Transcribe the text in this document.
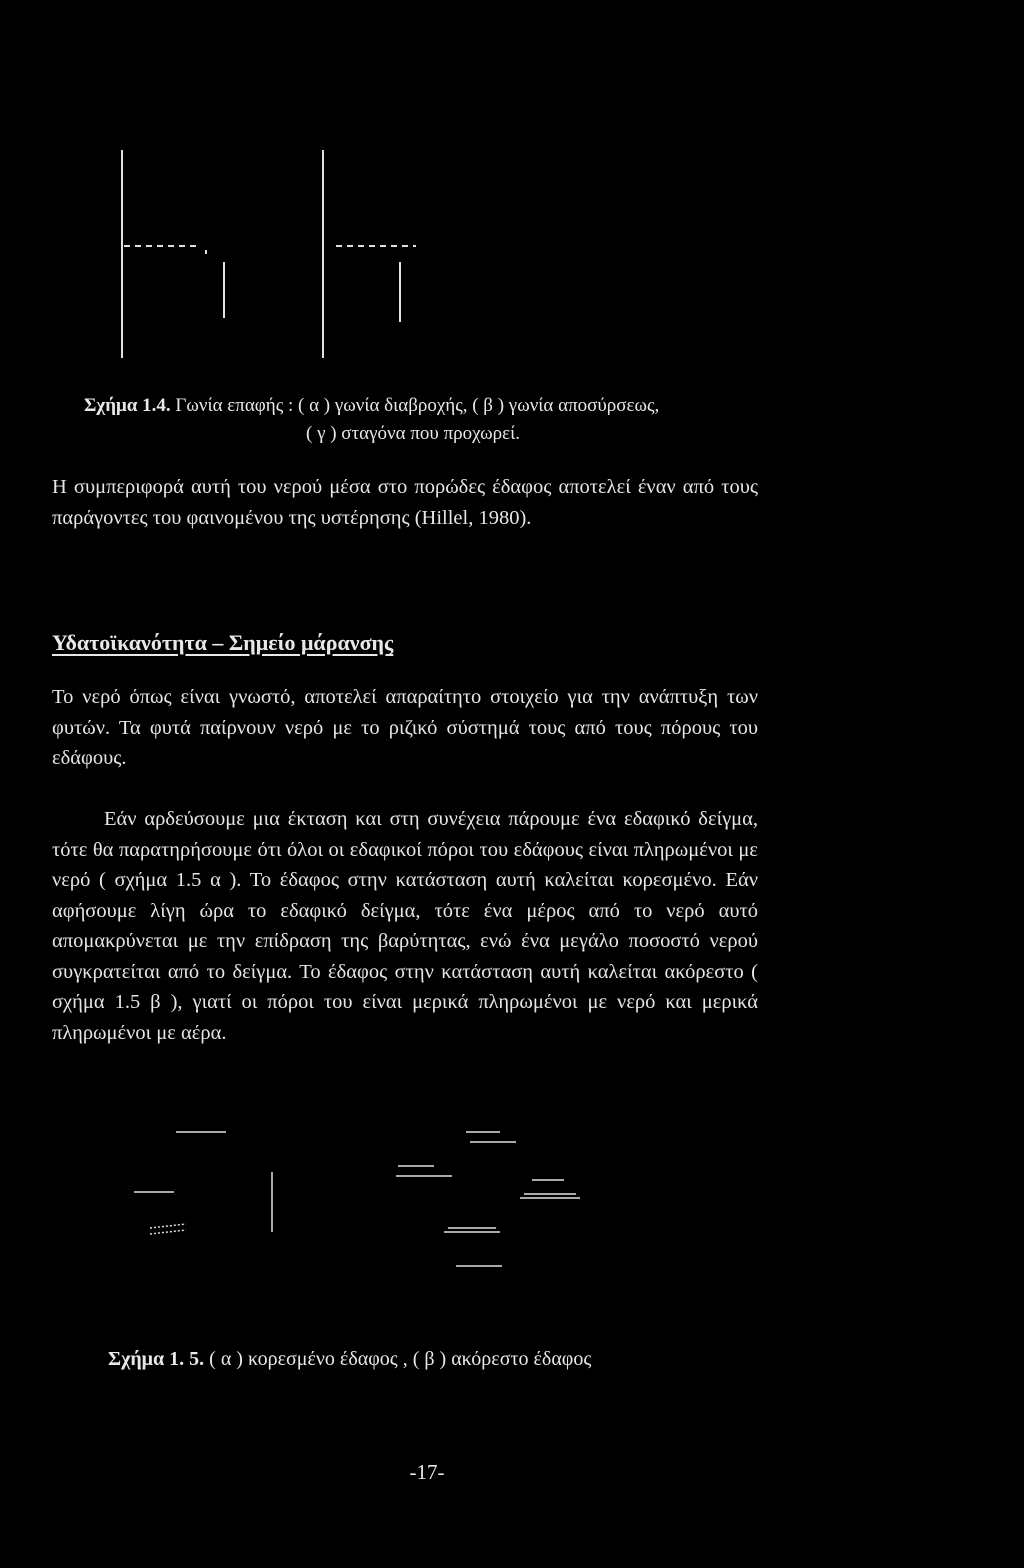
Σχήμα 1.4. Γωνία επαφής : ( α ) γωνία διαβροχής, ( β ) γωνία αποσύρσεως,
( γ ) σταγόνα που προχωρεί.
Η συμπεριφορά αυτή του νερού μέσα στο πορώδες έδαφος αποτελεί έναν από τους παράγοντες του φαινομένου της υστέρησης (Hillel, 1980).
Υδατοϊκανότητα – Σημείο μάρανσης
Το νερό όπως είναι γνωστό, αποτελεί απαραίτητο στοιχείο για την ανάπτυξη των φυτών. Τα φυτά παίρνουν νερό με το ριζικό σύστημά τους από τους πόρους του εδάφους.
Εάν αρδεύσουμε μια έκταση και στη συνέχεια πάρουμε ένα εδαφικό δείγμα, τότε θα παρατηρήσουμε ότι όλοι οι εδαφικοί πόροι του εδάφους είναι πληρωμένοι με νερό ( σχήμα 1.5 α ). Το έδαφος στην κατάσταση αυτή καλείται κορεσμένο. Εάν αφήσουμε λίγη ώρα το εδαφικό δείγμα, τότε ένα μέρος από το νερό αυτό απομακρύνεται με την επίδραση της βαρύτητας, ενώ ένα μεγάλο ποσοστό νερού συγκρατείται από το δείγμα. Το έδαφος στην κατάσταση αυτή καλείται ακόρεστο ( σχήμα 1.5 β ), γιατί οι πόροι του είναι μερικά πληρωμένοι με νερό και μερικά πληρωμένοι με αέρα.
Σχήμα 1. 5. ( α ) κορεσμένο έδαφος , ( β ) ακόρεστο έδαφος
-17-
